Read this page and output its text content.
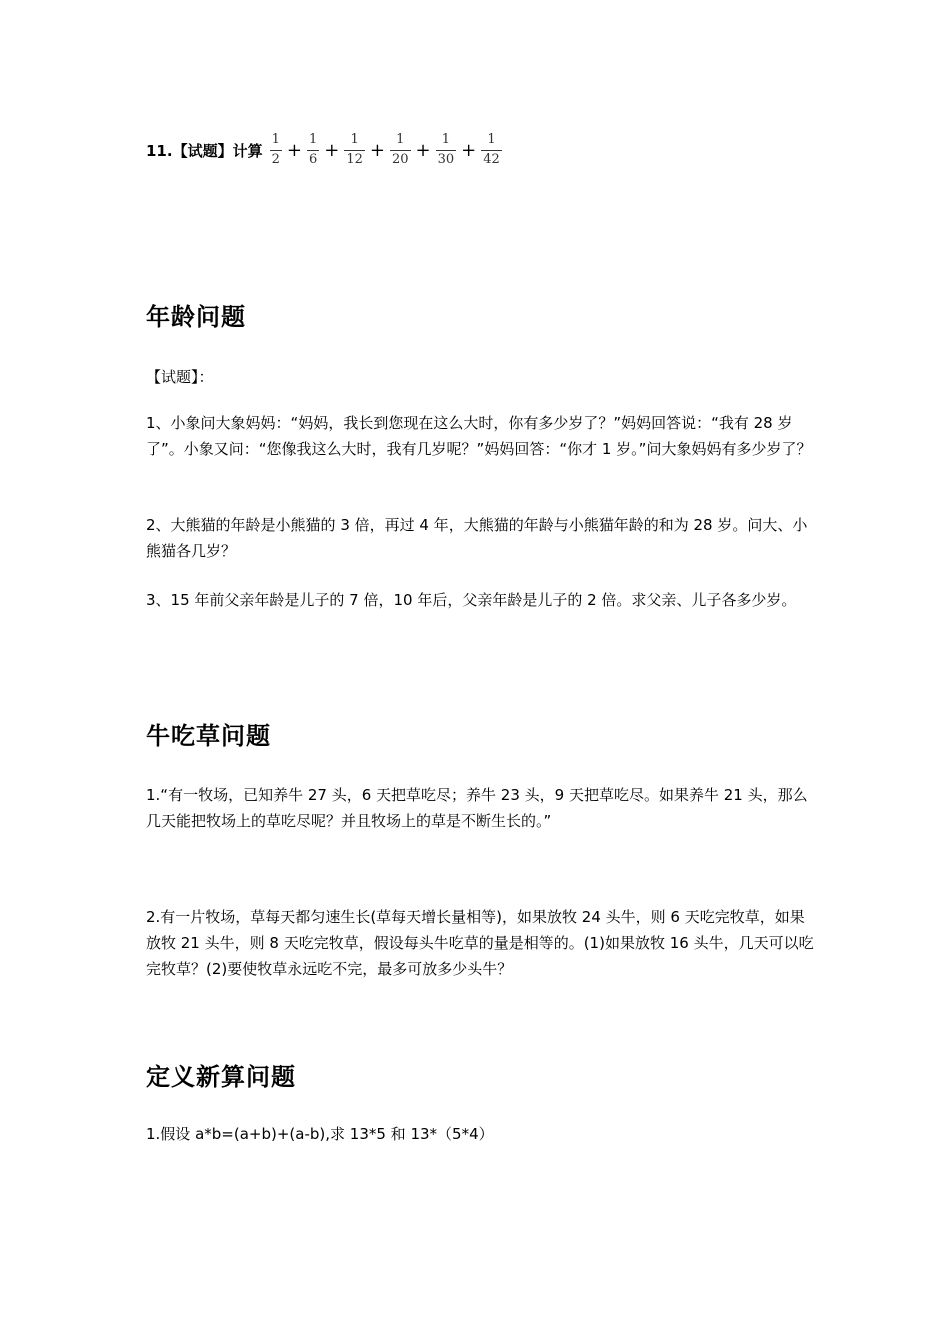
11.【试题】计算 $\frac{1}{2} + \frac{1}{6} + \frac{1}{12} + \frac{1}{20} + \frac{1}{30} + \frac{1}{42}$
年龄问题
【试题】：
1、小象问大象妈妈：“妈妈，我长到您现在这么大时，你有多少岁了？”妈妈回答说：“我有 28 岁了”。小象又问：“您像我这么大时，我有几岁呢？”妈妈回答：“你才 1 岁。”问大象妈妈有多少岁了？
2、大熊猫的年龄是小熊猫的 3 倍，再过 4 年，大熊猫的年龄与小熊猫年龄的和为 28 岁。问大、小熊猫各几岁？
3、15 年前父亲年龄是儿子的 7 倍，10 年后，父亲年龄是儿子的 2 倍。求父亲、儿子各多少岁。
牛吃草问题
1.“有一牧场，已知养牛 27 头，6 天把草吃尽；养牛 23 头，9 天把草吃尽。如果养牛 21 头，那么几天能把牧场上的草吃尽呢？并且牧场上的草是不断生长的。”
2.有一片牧场，草每天都匀速生长(草每天增长量相等)，如果放牧 24 头牛，则 6 天吃完牧草，如果放牧 21 头牛，则 8 天吃完牧草，假设每头牛吃草的量是相等的。(1)如果放牧 16 头牛，几天可以吃完牧草？(2)要使牧草永远吃不完，最多可放多少头牛？
定义新算问题
1.假设 a*b=(a+b)+(a-b),求 13*5 和 13*（5*4）
